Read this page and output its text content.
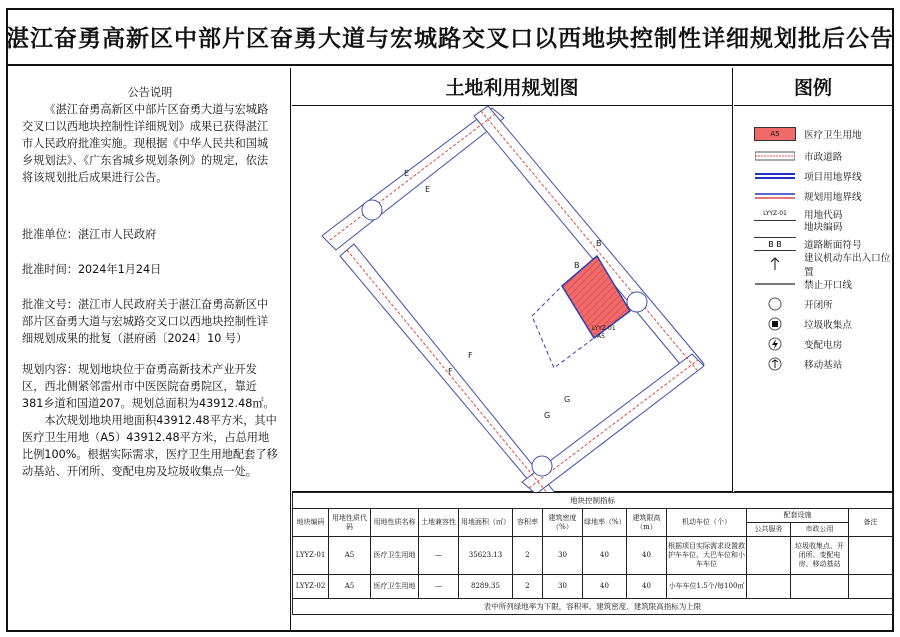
湛江奋勇高新区中部片区奋勇大道与宏城路交叉口以西地块控制性详细规划批后公告

公告说明

《湛江奋勇高新区中部片区奋勇大道与宏城路交叉口以西地块控制性详细规划》成果已获得湛江市人民政府批准实施。现根据《中华人民共和国城乡规划法》、《广东省城乡规划条例》的规定，依法将该规划批后成果进行公告。

批准单位：湛江市人民政府

批准时间：2024年1月24日

批准文号：湛江市人民政府关于湛江奋勇高新区中部片区奋勇大道与宏城路交叉口以西地块控制性详细规划成果的批复（湛府函〔2024〕10 号）

规划内容：规划地块位于奋勇高新技术产业开发区，西北侧紧邻雷州市中医医院奋勇院区，靠近381乡道和国道207。规划总面积为43912.48㎡。

本次规划地块用地面积43912.48平方米，其中医疗卫生用地（A5）43912.48平方米，占总用地比例100%。根据实际需求，医疗卫生用地配套了移动基站、开闭所、变配电房及垃圾收集点一处。

土地利用规划图
LYYZ-01
A5
E
E
B
B
F
F
G
G
图例
A5	医疗卫生用地
市政道路
项目用地界线
规划用地界线
LYYZ-01	用地代码
地块编码
B B	道路断面符号
建议机动车出入口位置
禁止开口线
开闭所
垃圾收集点
变配电房
移动基站
地块控制指标												
地块编码	用地性质代码	用地性质名称	土地兼容性	用地面积（㎡）	容积率	建筑密度（%）	绿地率（%）	建筑限高（m）	机动车位（个）	配套设施		备注
										公共服务	市政公用	
LYYZ-01	A5	医疗卫生用地	—	35623.13	2	30	40	40	根据项目实际需求设置救护车车位、大巴车位和小车车位		垃圾收集点、开闭所、变配电房、移动基站	
LYYZ-02	A5	医疗卫生用地	—	8289.35	2	30	40	40	小车车位1.5个/每100㎡			
表中所列绿地率为下限，容积率、建筑密度、建筑限高指标为上限												
